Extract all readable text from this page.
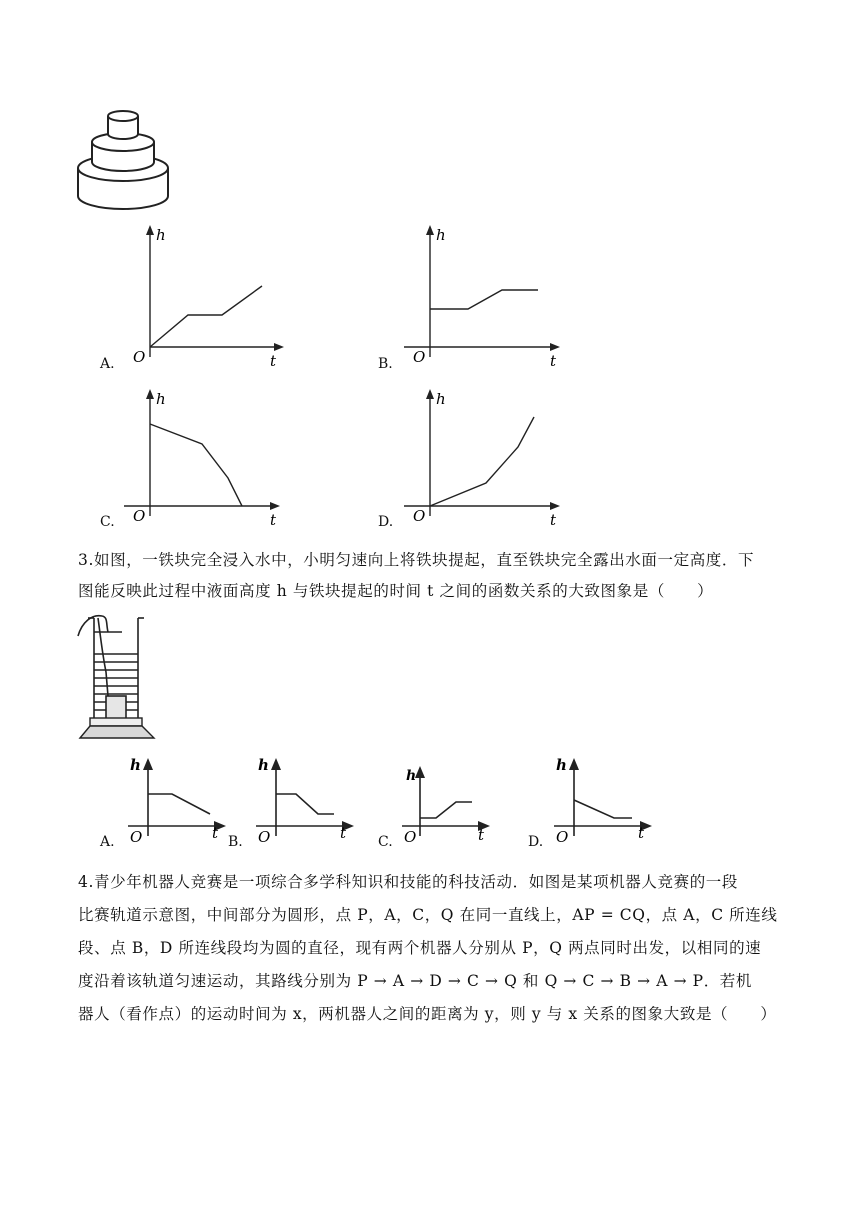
h
O	t
A.
h
O	t
B.
h
O	t
C.
h
O	t
D.
3.如图，一铁块完全浸入水中，小明匀速向上将铁块提起，直至铁块完全露出水面一定高度．下
图能反映此过程中液面高度 h 与铁块提起的时间 t 之间的函数关系的大致图象是（　　）
h
O	t
A.
h
O	t
B.
h
O	t
C.
h
O	t
D.
4.青少年机器人竞赛是一项综合多学科知识和技能的科技活动．如图是某项机器人竞赛的一段
比赛轨道示意图，中间部分为圆形，点 P，A，C，Q 在同一直线上，AP = CQ，点 A，C 所连线
段、点 B，D 所连线段均为圆的直径，现有两个机器人分别从 P，Q 两点同时出发，以相同的速
度沿着该轨道匀速运动，其路线分别为 P → A → D → C → Q 和 Q → C → B → A → P．若机
器人（看作点）的运动时间为 x，两机器人之间的距离为 y，则 y 与 x 关系的图象大致是（　　）
